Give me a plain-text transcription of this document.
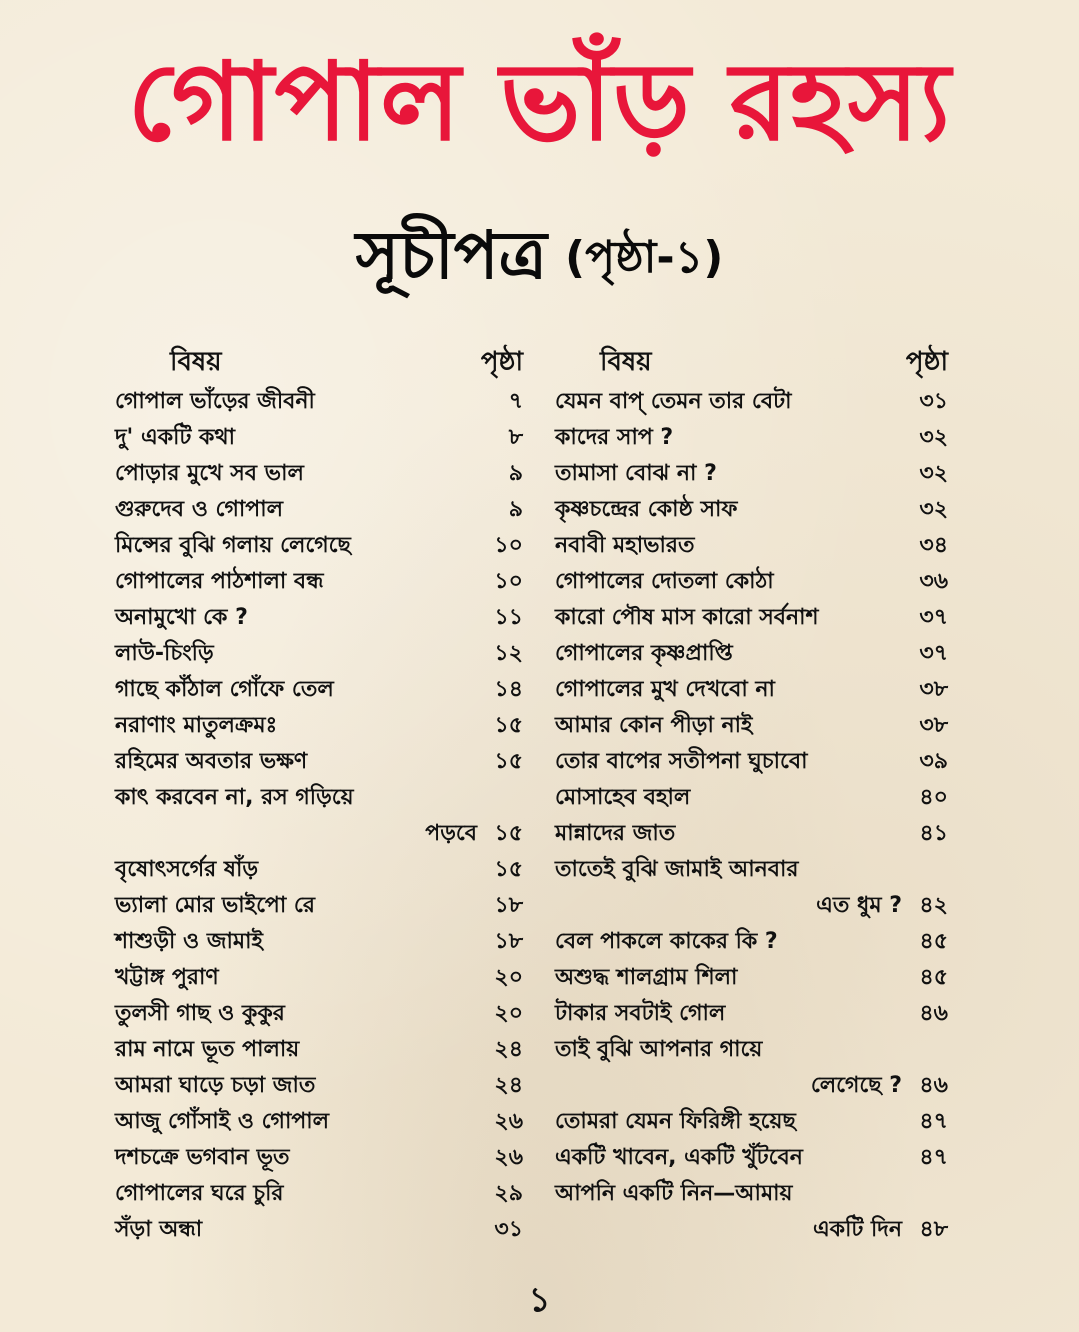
গোপাল ভাঁড় রহস্য
সূচীপত্র (পৃষ্ঠা-১)
বিষয়	পৃষ্ঠা
গোপাল ভাঁড়ের জীবনী	৭
দু' একটি কথা	৮
পোড়ার মুখে সব ভাল	৯
গুরুদেব ও গোপাল	৯
মিন্সের বুঝি গলায় লেগেছে	১০
গোপালের পাঠশালা বন্ধ	১০
অনামুখো কে ?	১১
লাউ-চিংড়ি	১২
গাছে কাঁঠাল গোঁফে তেল	১৪
নরাণাং মাতুলক্রমঃ	১৫
রহিমের অবতার ভক্ষণ	১৫
কাৎ করবেন না, রস গড়িয়ে
পড়বে ১৫
বৃষোৎসর্গের ষাঁড়	১৫
ভ্যালা মোর ভাইপো রে	১৮
শাশুড়ী ও জামাই	১৮
খট্টাঙ্গ পুরাণ	২০
তুলসী গাছ ও কুকুর	২০
রাম নামে ভূত পালায়	২৪
আমরা ঘাড়ে চড়া জাত	২৪
আজু গোঁসাই ও গোপাল	২৬
দশচক্রে ভগবান ভূত	২৬
গোপালের ঘরে চুরি	২৯
সঁড়া অন্ধা	৩১
বিষয়	পৃষ্ঠা
যেমন বাপ্ তেমন তার বেটা	৩১
কাদের সাপ ?	৩২
তামাসা বোঝ না ?	৩২
কৃষ্ণচন্দ্রের কোষ্ঠ সাফ	৩২
নবাবী মহাভারত	৩৪
গোপালের দোতলা কোঠা	৩৬
কারো পৌষ মাস কারো সর্বনাশ	৩৭
গোপালের কৃষ্ণপ্রাপ্তি	৩৭
গোপালের মুখ দেখবো না	৩৮
আমার কোন পীড়া নাই	৩৮
তোর বাপের সতীপনা ঘুচাবো	৩৯
মোসাহেব বহাল	৪০
মান্নাদের জাত	৪১
তাতেই বুঝি জামাই আনবার
এত ধুম ? ৪২
বেল পাকলে কাকের কি ?	৪৫
অশুদ্ধ শালগ্রাম শিলা	৪৫
টাকার সবটাই গোল	৪৬
তাই বুঝি আপনার গায়ে
লেগেছে ? ৪৬
তোমরা যেমন ফিরিঙ্গী হয়েছ	৪৭
একটি খাবেন, একটি খুঁটবেন	৪৭
আপনি একটি নিন—আমায়
একটি দিন ৪৮
১
